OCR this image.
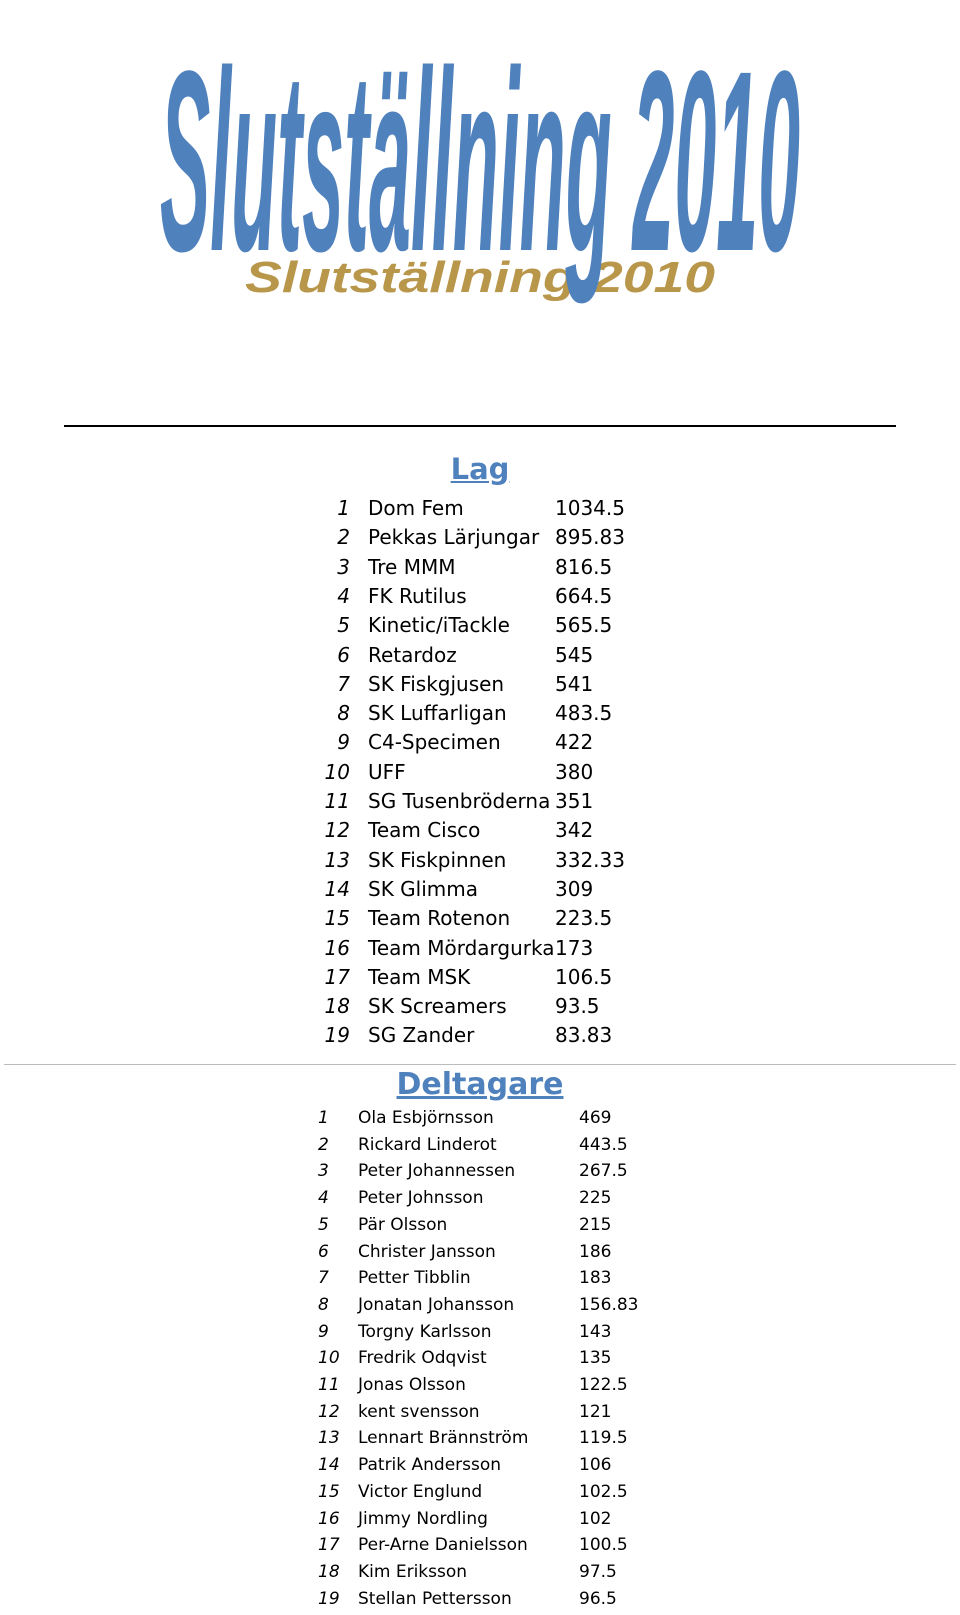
Slutställning 2010
Slutställning 2010
Lag
1 Dom Fem	1034.5
2 Pekkas Lärjungar 895.83
3 Tre MMM	816.5
4 FK Rutilus	664.5
5 Kinetic/iTackle 565.5
6 Retardoz	545
7 SK Fiskgjusen	541
8 SK Luffarligan 483.5
9 C4-Specimen	422
10 UFF	380
11 SG Tusenbröderna 351
12 Team Cisco	342
13 SK Fiskpinnen 332.33
14 SK Glimma	309
15 Team Rotenon 223.5
16 Team Mördargurka 173
17 Team MSK	106.5
18 SK Screamers 93.5
19 SG Zander	83.83
Deltagare
1	Ola Esbjörnsson	469
2	Rickard Linderot	443.5
3	Peter Johannessen	267.5
4	Peter Johnsson	225
5	Pär Olsson	215
6	Christer Jansson	186
7	Petter Tibblin	183
8	Jonatan Johansson	156.83
9	Torgny Karlsson	143
10 Fredrik Odqvist	135
11 Jonas Olsson	122.5
12 kent svensson	121
13 Lennart Brännström	119.5
14 Patrik Andersson	106
15 Victor Englund	102.5
16 Jimmy Nordling	102
17 Per-Arne Danielsson	100.5
18 Kim Eriksson	97.5
19 Stellan Pettersson	96.5
